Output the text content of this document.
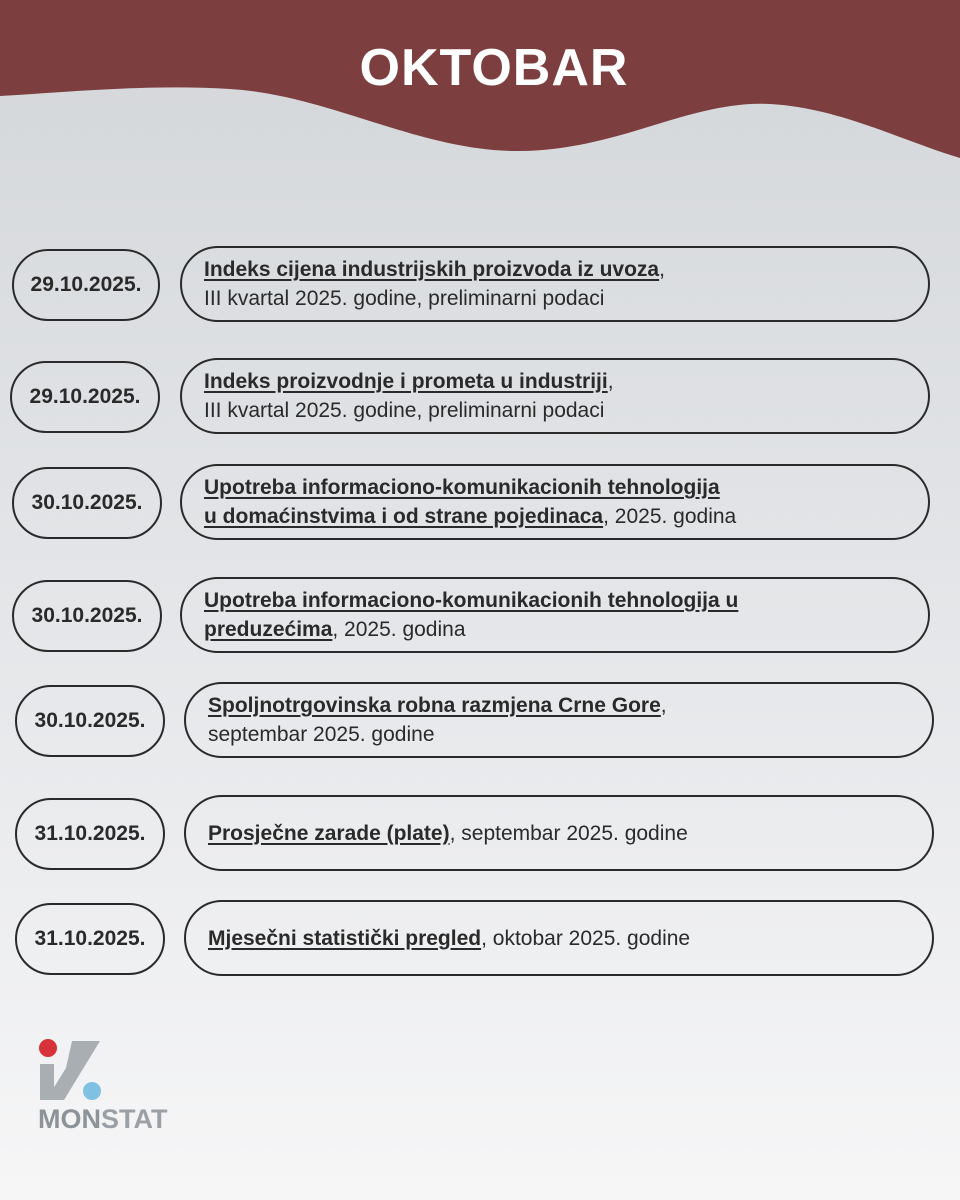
OKTOBAR
29.10.2025.
Indeks cijena industrijskih proizvoda iz uvoza,
III kvartal 2025. godine, preliminarni podaci
29.10.2025.
Indeks proizvodnje i prometa u industriji,
III kvartal 2025. godine, preliminarni podaci
30.10.2025.
Upotreba informaciono-komunikacionih tehnologija
u domaćinstvima i od strane pojedinaca, 2025. godina
30.10.2025.
Upotreba informaciono-komunikacionih tehnologija u
preduzećima, 2025. godina
30.10.2025.
Spoljnotrgovinska robna razmjena Crne Gore,
septembar 2025. godine
31.10.2025.	Prosječne zarade (plate), septembar 2025. godine
31.10.2025.	Mjesečni statistički pregled, oktobar 2025. godine
MONSTAT
